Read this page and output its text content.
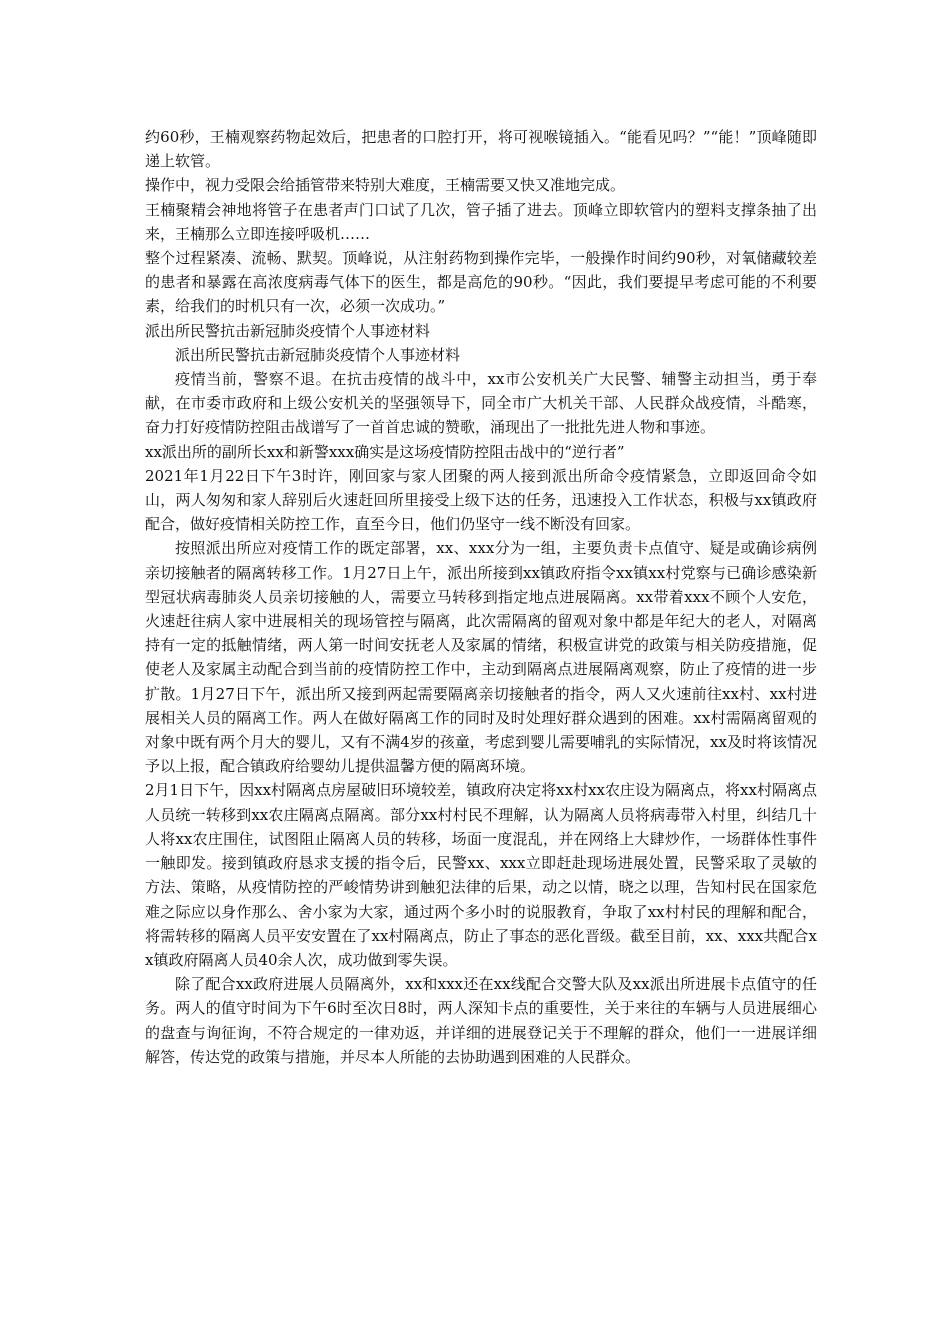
约60秒，王楠观察药物起效后，把患者的口腔打开，将可视喉镜插入。“能看见吗？”“能！”顶峰随即递上软管。

操作中，视力受限会给插管带来特别大难度，王楠需要又快又准地完成。

王楠聚精会神地将管子在患者声门口试了几次，管子插了进去。顶峰立即软管内的塑料支撑条抽了出来，王楠那么立即连接呼吸机……

整个过程紧凑、流畅、默契。顶峰说，从注射药物到操作完毕，一般操作时间约90秒，对氧储藏较差的患者和暴露在高浓度病毒气体下的医生，都是高危的90秒。“因此，我们要提早考虑可能的不利要素，给我们的时机只有一次，必须一次成功。”

派出所民警抗击新冠肺炎疫情个人事迹材料

派出所民警抗击新冠肺炎疫情个人事迹材料

疫情当前，警察不退。在抗击疫情的战斗中，xx市公安机关广大民警、辅警主动担当，勇于奉献，在市委市政府和上级公安机关的坚强领导下，同全市广大机关干部、人民群众战疫情，斗酷寒，奋力打好疫情防控阻击战谱写了一首首忠诚的赞歌，涌现出了一批批先进人物和事迹。

xx派出所的副所长xx和新警xxx确实是这场疫情防控阻击战中的“逆行者”

2021年1月22日下午3时许，刚回家与家人团聚的两人接到派出所命令疫情紧急，立即返回命令如山，两人匆匆和家人辞别后火速赶回所里接受上级下达的任务，迅速投入工作状态，积极与xx镇政府配合，做好疫情相关防控工作，直至今日，他们仍坚守一线不断没有回家。

按照派出所应对疫情工作的既定部署，xx、xxx分为一组，主要负责卡点值守、疑是或确诊病例亲切接触者的隔离转移工作。1月27日上午，派出所接到xx镇政府指令xx镇xx村党察与已确诊感染新型冠状病毒肺炎人员亲切接触的人，需要立马转移到指定地点进展隔离。xx带着xxx不顾个人安危，火速赶往病人家中进展相关的现场管控与隔离，此次需隔离的留观对象中都是年纪大的老人，对隔离持有一定的抵触情绪，两人第一时间安抚老人及家属的情绪，积极宣讲党的政策与相关防疫措施，促使老人及家属主动配合到当前的疫情防控工作中，主动到隔离点进展隔离观察，防止了疫情的进一步扩散。1月27日下午，派出所又接到两起需要隔离亲切接触者的指令，两人又火速前往xx村、xx村进展相关人员的隔离工作。两人在做好隔离工作的同时及时处理好群众遇到的困难。xx村需隔离留观的对象中既有两个月大的婴儿，又有不满4岁的孩童，考虑到婴儿需要哺乳的实际情况，xx及时将该情况予以上报，配合镇政府给婴幼儿提供温馨方便的隔离环境。

2月1日下午，因xx村隔离点房屋破旧环境较差，镇政府决定将xx村xx农庄设为隔离点，将xx村隔离点人员统一转移到xx农庄隔离点隔离。部分xx村村民不理解，认为隔离人员将病毒带入村里，纠结几十人将xx农庄围住，试图阻止隔离人员的转移，场面一度混乱，并在网络上大肆炒作，一场群体性事件一触即发。接到镇政府恳求支援的指令后，民警xx、xxx立即赶赴现场进展处置，民警采取了灵敏的方法、策略，从疫情防控的严峻情势讲到触犯法律的后果，动之以情，晓之以理，告知村民在国家危难之际应以身作那么、舍小家为大家，通过两个多小时的说服教育，争取了xx村村民的理解和配合，将需转移的隔离人员平安安置在了xx村隔离点，防止了事态的恶化晋级。截至目前，xx、xxx共配合xx镇政府隔离人员40余人次，成功做到零失误。

除了配合xx政府进展人员隔离外，xx和xxx还在xx线配合交警大队及xx派出所进展卡点值守的任务。两人的值守时间为下午6时至次日8时，两人深知卡点的重要性，关于来往的车辆与人员进展细心的盘查与询征询，不符合规定的一律劝返，并详细的进展登记关于不理解的群众，他们一一进展详细解答，传达党的政策与措施，并尽本人所能的去协助遇到困难的人民群众。
